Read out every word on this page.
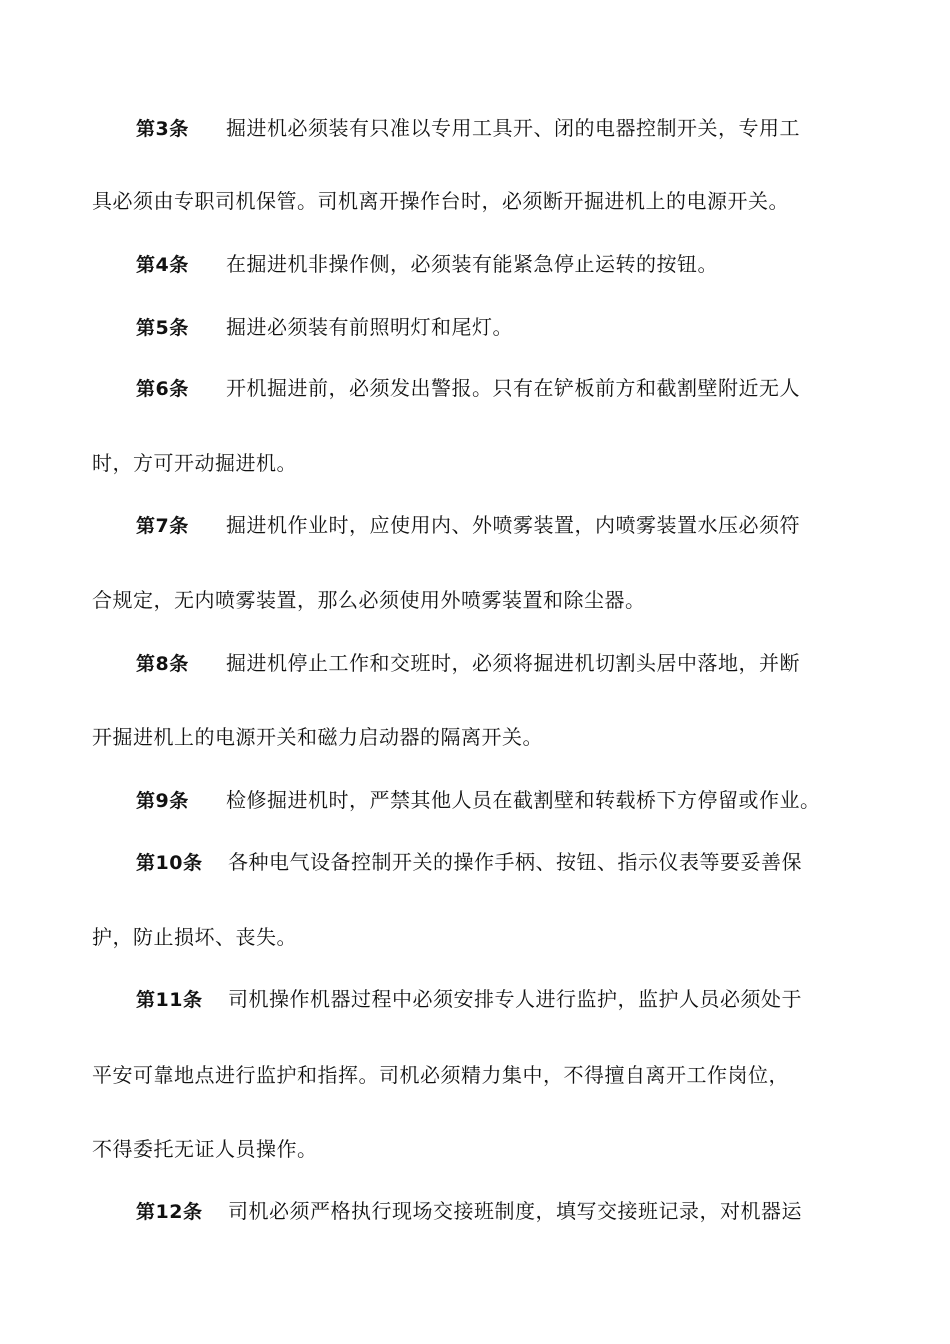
第3条 掘进机必须装有只准以专用工具开、闭的电器控制开关，专用工
具必须由专职司机保管。司机离开操作台时，必须断开掘进机上的电源开关。
第4条 在掘进机非操作侧，必须装有能紧急停止运转的按钮。
第5条 掘进必须装有前照明灯和尾灯。
第6条 开机掘进前，必须发出警报。只有在铲板前方和截割壁附近无人
时，方可开动掘进机。
第7条 掘进机作业时，应使用内、外喷雾装置，内喷雾装置水压必须符
合规定，无内喷雾装置，那么必须使用外喷雾装置和除尘器。
第8条 掘进机停止工作和交班时，必须将掘进机切割头居中落地，并断
开掘进机上的电源开关和磁力启动器的隔离开关。
第9条 检修掘进机时，严禁其他人员在截割壁和转载桥下方停留或作业。
第10条 各种电气设备控制开关的操作手柄、按钮、指示仪表等要妥善保
护，防止损坏、丧失。
第11条 司机操作机器过程中必须安排专人进行监护，监护人员必须处于
平安可靠地点进行监护和指挥。司机必须精力集中，不得擅自离开工作岗位，
不得委托无证人员操作。
第12条 司机必须严格执行现场交接班制度，填写交接班记录，对机器运
